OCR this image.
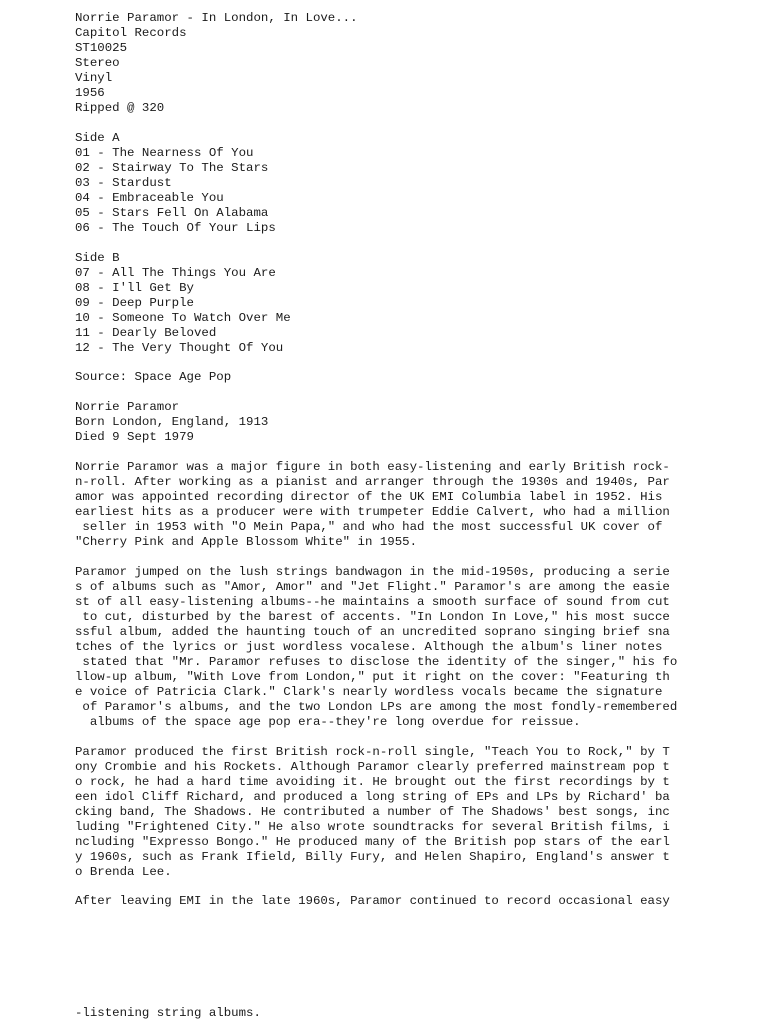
Norrie Paramor - In London, In Love...
Capitol Records
ST10025
Stereo
Vinyl
1956
Ripped @ 320
Side A
01 - The Nearness Of You
02 - Stairway To The Stars
03 - Stardust
04 - Embraceable You
05 - Stars Fell On Alabama
06 - The Touch Of Your Lips
Side B
07 - All The Things You Are
08 - I'll Get By
09 - Deep Purple
10 - Someone To Watch Over Me
11 - Dearly Beloved
12 - The Very Thought Of You
Source: Space Age Pop
Norrie Paramor
Born London, England, 1913
Died 9 Sept 1979
Norrie Paramor was a major figure in both easy-listening and early British rock-
n-roll. After working as a pianist and arranger through the 1930s and 1940s, Par
amor was appointed recording director of the UK EMI Columbia label in 1952. His
earliest hits as a producer were with trumpeter Eddie Calvert, who had a million
seller in 1953 with "O Mein Papa," and who had the most successful UK cover of
"Cherry Pink and Apple Blossom White" in 1955.
Paramor jumped on the lush strings bandwagon in the mid-1950s, producing a serie
s of albums such as "Amor, Amor" and "Jet Flight." Paramor's are among the easie
st of all easy-listening albums--he maintains a smooth surface of sound from cut
to cut, disturbed by the barest of accents. "In London In Love," his most succe
ssful album, added the haunting touch of an uncredited soprano singing brief sna
tches of the lyrics or just wordless vocalese. Although the album's liner notes
stated that "Mr. Paramor refuses to disclose the identity of the singer," his fo
llow-up album, "With Love from London," put it right on the cover: "Featuring th
e voice of Patricia Clark." Clark's nearly wordless vocals became the signature
of Paramor's albums, and the two London LPs are among the most fondly-remembered
albums of the space age pop era--they're long overdue for reissue.
Paramor produced the first British rock-n-roll single, "Teach You to Rock," by T
ony Crombie and his Rockets. Although Paramor clearly preferred mainstream pop t
o rock, he had a hard time avoiding it. He brought out the first recordings by t
een idol Cliff Richard, and produced a long string of EPs and LPs by Richard' ba
cking band, The Shadows. He contributed a number of The Shadows' best songs, inc
luding "Frightened City." He also wrote soundtracks for several British films, i
ncluding "Expresso Bongo." He produced many of the British pop stars of the earl
y 1960s, such as Frank Ifield, Billy Fury, and Helen Shapiro, England's answer t
o Brenda Lee.
After leaving EMI in the late 1960s, Paramor continued to record occasional easy
-listening string albums.
